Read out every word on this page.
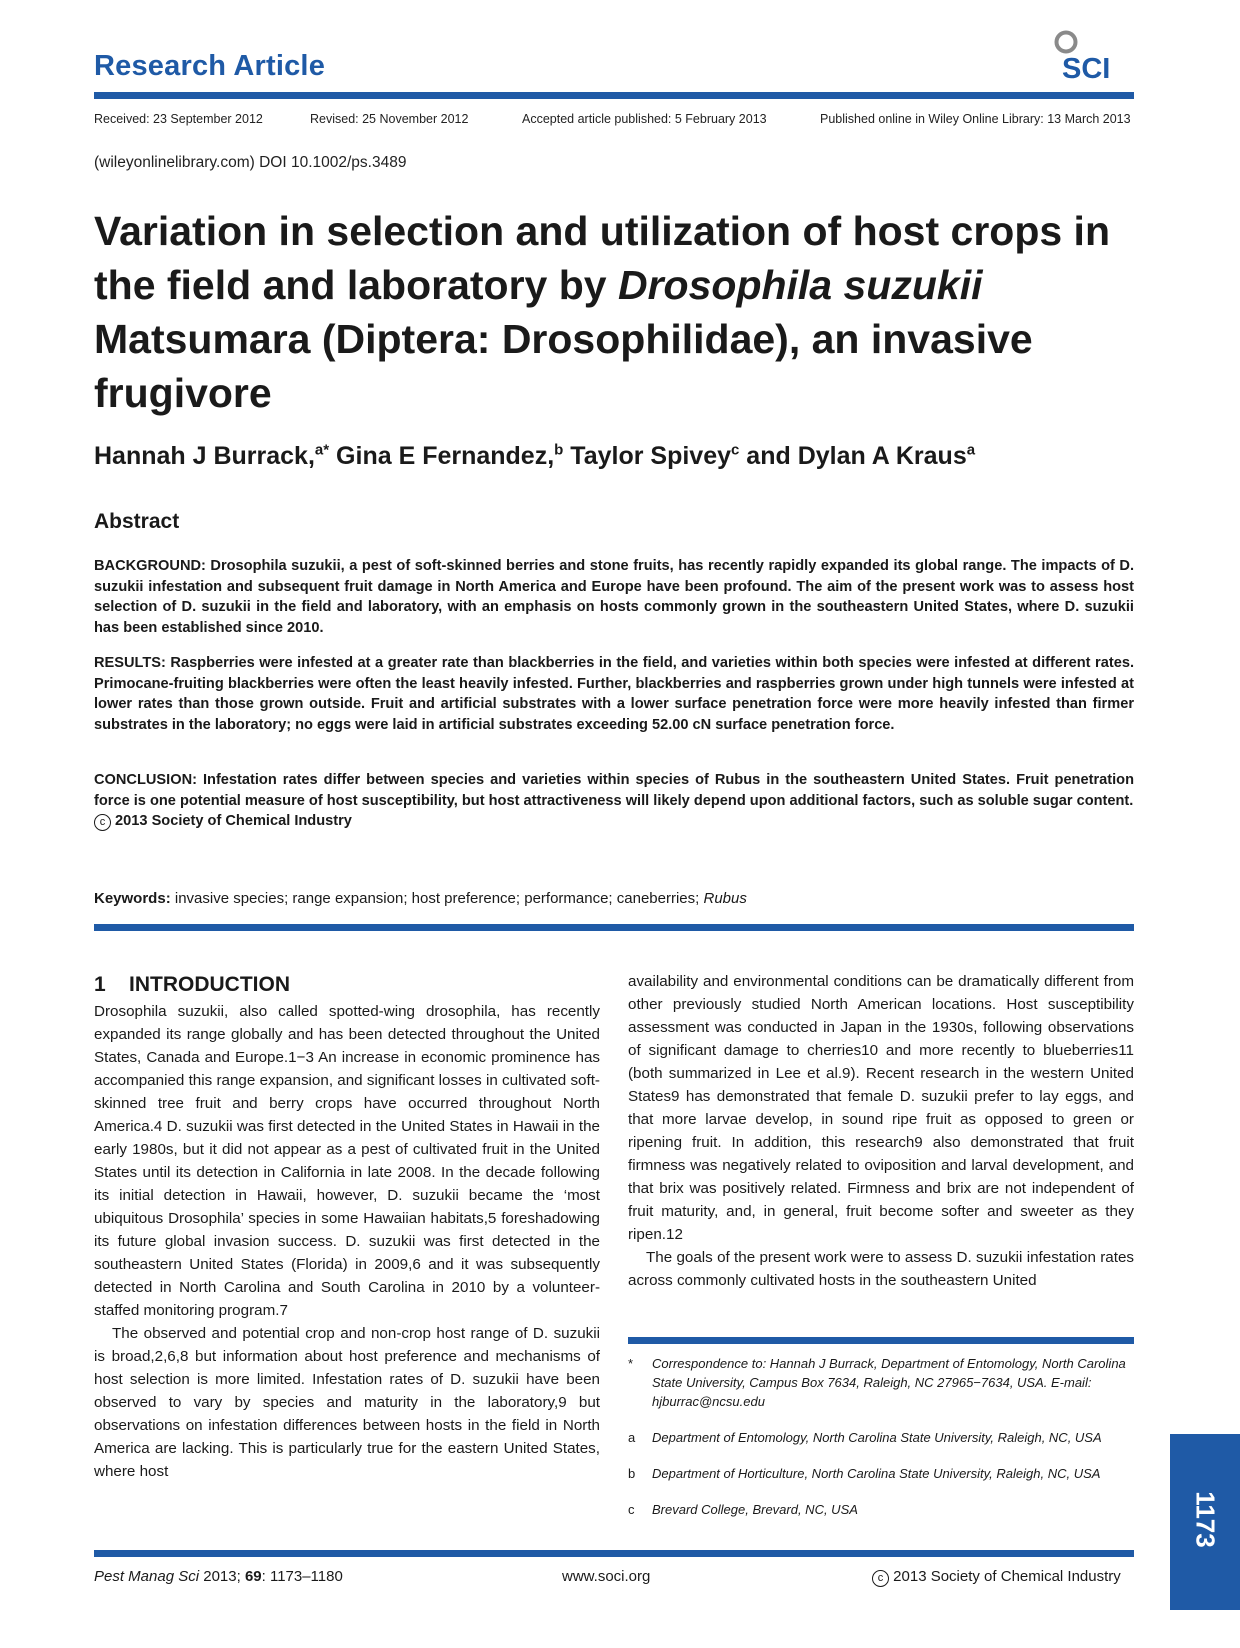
Research Article	SCI
Received: 23 September 2012	Revised: 25 November 2012	Accepted article published: 5 February 2013	Published online in Wiley Online Library: 13 March 2013
(wileyonlinelibrary.com) DOI 10.1002/ps.3489
Variation in selection and utilization of host crops in the field and laboratory by Drosophila suzukii Matsumara (Diptera: Drosophilidae), an invasive frugivore
Hannah J Burrack,$^{a*}$ Gina E Fernandez,$^b$ Taylor Spivey$^c$ and Dylan A Kraus$^a$
Abstract

BACKGROUND: Drosophila suzukii, a pest of soft-skinned berries and stone fruits, has recently rapidly expanded its global range. The impacts of D. suzukii infestation and subsequent fruit damage in North America and Europe have been profound. The aim of the present work was to assess host selection of D. suzukii in the field and laboratory, with an emphasis on hosts commonly grown in the southeastern United States, where D. suzukii has been established since 2010.

RESULTS: Raspberries were infested at a greater rate than blackberries in the field, and varieties within both species were infested at different rates. Primocane-fruiting blackberries were often the least heavily infested. Further, blackberries and raspberries grown under high tunnels were infested at lower rates than those grown outside. Fruit and artificial substrates with a lower surface penetration force were more heavily infested than firmer substrates in the laboratory; no eggs were laid in artificial substrates exceeding 52.00 cN surface penetration force.

CONCLUSION: Infestation rates differ between species and varieties within species of Rubus in the southeastern United States. Fruit penetration force is one potential measure of host susceptibility, but host attractiveness will likely depend upon additional factors, such as soluble sugar content.
c 2013 Society of Chemical Industry

Keywords: invasive species; range expansion; host preference; performance; caneberries; Rubus

1    INTRODUCTION

Drosophila suzukii, also called spotted-wing drosophila, has recently expanded its range globally and has been detected throughout the United States, Canada and Europe.1−3 An increase in economic prominence has accompanied this range expansion, and significant losses in cultivated soft-skinned tree fruit and berry crops have occurred throughout North America.4 D. suzukii was first detected in the United States in Hawaii in the early 1980s, but it did not appear as a pest of cultivated fruit in the United States until its detection in California in late 2008. In the decade following its initial detection in Hawaii, however, D. suzukii became the ‘most ubiquitous Drosophila’ species in some Hawaiian habitats,5 foreshadowing its future global invasion success. D. suzukii was first detected in the southeastern United States (Florida) in 2009,6 and it was subsequently detected in North Carolina and South Carolina in 2010 by a volunteer-staffed monitoring program.7

The observed and potential crop and non-crop host range of D. suzukii is broad,2,6,8 but information about host preference and mechanisms of host selection is more limited. Infestation rates of D. suzukii have been observed to vary by species and maturity in the laboratory,9 but observations on infestation differences between hosts in the field in North America are lacking. This is particularly true for the eastern United States, where host

availability and environmental conditions can be dramatically different from other previously studied North American locations. Host susceptibility assessment was conducted in Japan in the 1930s, following observations of significant damage to cherries10 and more recently to blueberries11 (both summarized in Lee et al.9). Recent research in the western United States9 has demonstrated that female D. suzukii prefer to lay eggs, and that more larvae develop, in sound ripe fruit as opposed to green or ripening fruit. In addition, this research9 also demonstrated that fruit firmness was negatively related to oviposition and larval development, and that brix was positively related. Firmness and brix are not independent of fruit maturity, and, in general, fruit become softer and sweeter as they ripen.12

The goals of the present work were to assess D. suzukii infestation rates across commonly cultivated hosts in the southeastern United

*	Correspondence to: Hannah J Burrack, Department of Entomology, North Carolina State University, Campus Box 7634, Raleigh, NC 27965−7634, USA. E-mail: hjburrac@ncsu.edu
a	Department of Entomology, North Carolina State University, Raleigh, NC, USA
b	Department of Horticulture, North Carolina State University, Raleigh, NC, USA
c	Brevard College, Brevard, NC, USA
Pest Manag Sci 2013; 69: 1173–1180	www.soci.org	c 2013 Society of Chemical Industry
1173
